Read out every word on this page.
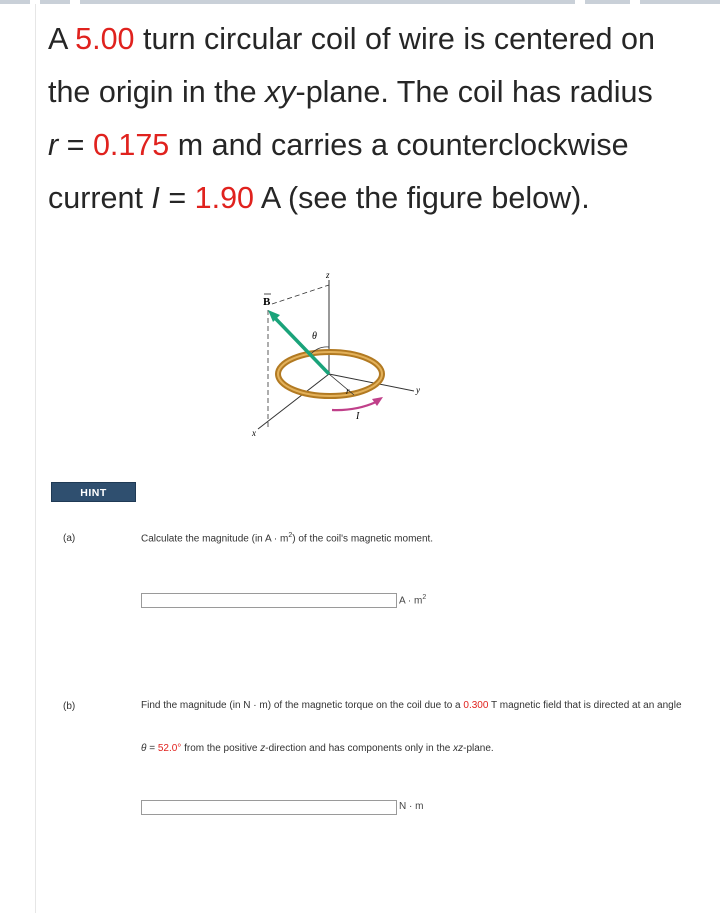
A 5.00 turn circular coil of wire is centered on

the origin in the xy-plane. The coil has radius

r = 0.175 m and carries a counterclockwise

current I = 1.90 A (see the figure below).

B
θ
z
y
x
r
I
HINT
(a)	Calculate the magnitude (in $A \cdot m^2$) of the coil's magnetic moment.
$A \cdot m^2$
(b)	Find the magnitude (in N · m) of the magnetic torque on the coil due to a 0.300 T magnetic field that is directed at an angle
θ = 52.0° from the positive z-direction and has components only in the xz-plane.
N · m
